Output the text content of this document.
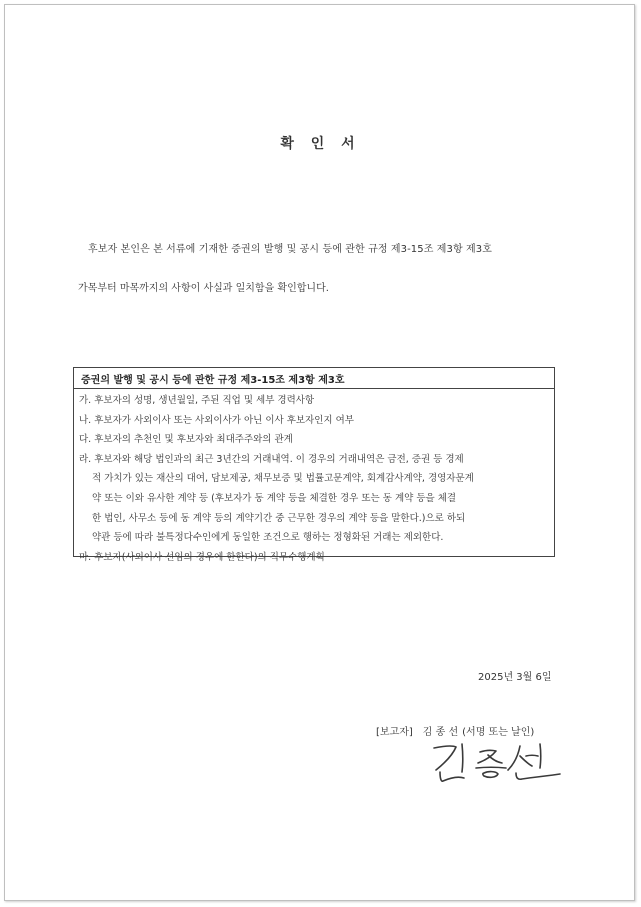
확 인 서
후보자 본인은 본 서류에 기재한 증권의 발행 및 공시 등에 관한 규정 제3-15조 제3항 제3호
가목부터 마목까지의 사항이 사실과 일치함을 확인합니다.
증권의 발행 및 공시 등에 관한 규정 제3-15조 제3항 제3호
가. 후보자의 성명, 생년월일, 주된 직업 및 세부 경력사항
나. 후보자가 사외이사 또는 사외이사가 아닌 이사 후보자인지 여부
다. 후보자의 추천인 및 후보자와 최대주주와의 관계
라. 후보자와 해당 법인과의 최근 3년간의 거래내역. 이 경우의 거래내역은 금전, 증권 등 경제
적 가치가 있는 재산의 대여, 담보제공, 채무보증 및 법률고문계약, 회계감사계약, 경영자문계
약 또는 이와 유사한 계약 등 (후보자가 동 계약 등을 체결한 경우 또는 동 계약 등을 체결
한 법인, 사무소 등에 동 계약 등의 계약기간 중 근무한 경우의 계약 등을 말한다.)으로 하되
약관 등에 따라 불특정다수인에게 동일한 조건으로 행하는 정형화된 거래는 제외한다.
마. 후보자(사외이사 선임의 경우에 한한다)의 직무수행계획
2025년 3월 6일
[보고자] 김 종 선 (서명 또는 날인)
